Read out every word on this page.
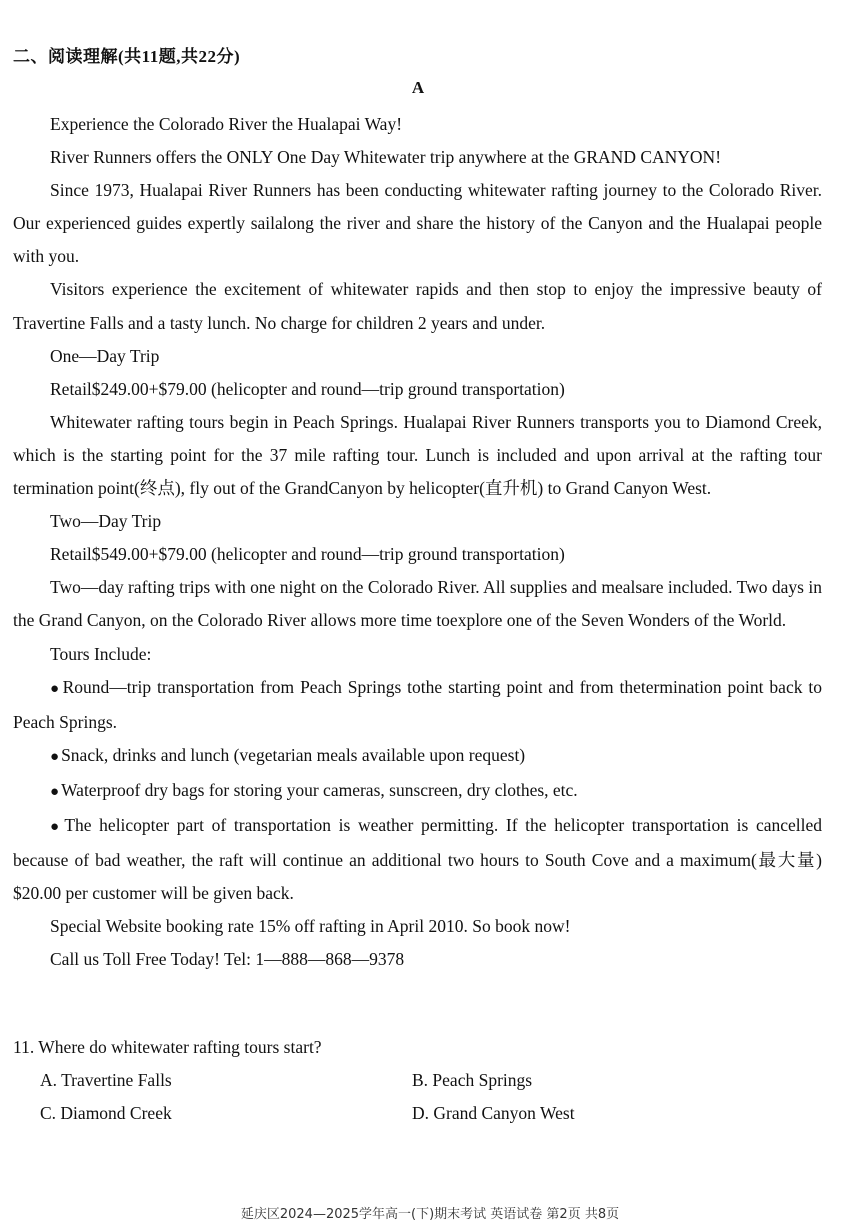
二、阅读理解(共11题,共22分)
A

Experience the Colorado River the Hualapai Way!

River Runners offers the ONLY One Day Whitewater trip anywhere at the GRAND CANYON!

Since 1973, Hualapai River Runners has been conducting whitewater rafting journey to the Colorado River. Our experienced guides expertly sailalong the river and share the history of the Canyon and the Hualapai people with you.

Visitors experience the excitement of whitewater rapids and then stop to enjoy the impressive beauty of Travertine Falls and a tasty lunch. No charge for children 2 years and under.

One—Day Trip

Retail$249.00+$79.00 (helicopter and round—trip ground transportation)

Whitewater rafting tours begin in Peach Springs. Hualapai River Runners transports you to Diamond Creek, which is the starting point for the 37 mile rafting tour. Lunch is included and upon arrival at the rafting tour termination point(终点), fly out of the GrandCanyon by helicopter(直升机) to Grand Canyon West.

Two—Day Trip

Retail$549.00+$79.00 (helicopter and round—trip ground transportation)

Two—day rafting trips with one night on the Colorado River. All supplies and mealsare included. Two days in the Grand Canyon, on the Colorado River allows more time toexplore one of the Seven Wonders of the World.

Tours Include:

● Round—trip transportation from Peach Springs tothe starting point and from thetermination point back to Peach Springs.

● Snack, drinks and lunch (vegetarian meals available upon request)

● Waterproof dry bags for storing your cameras, sunscreen, dry clothes, etc.

● The helicopter part of transportation is weather permitting. If the helicopter transportation is cancelled because of bad weather, the raft will continue an additional two hours to South Cove and a maximum(最大量) $20.00 per customer will be given back.

Special Website booking rate 15% off rafting in April 2010. So book now!

Call us Toll Free Today! Tel: 1—888—868—9378

11. Where do whitewater rafting tours start?

A. Travertine Falls	B. Peach Springs
C. Diamond Creek	D. Grand Canyon West
延庆区2024—2025学年高一(下)期末考试 英语试卷 第2页 共8页
